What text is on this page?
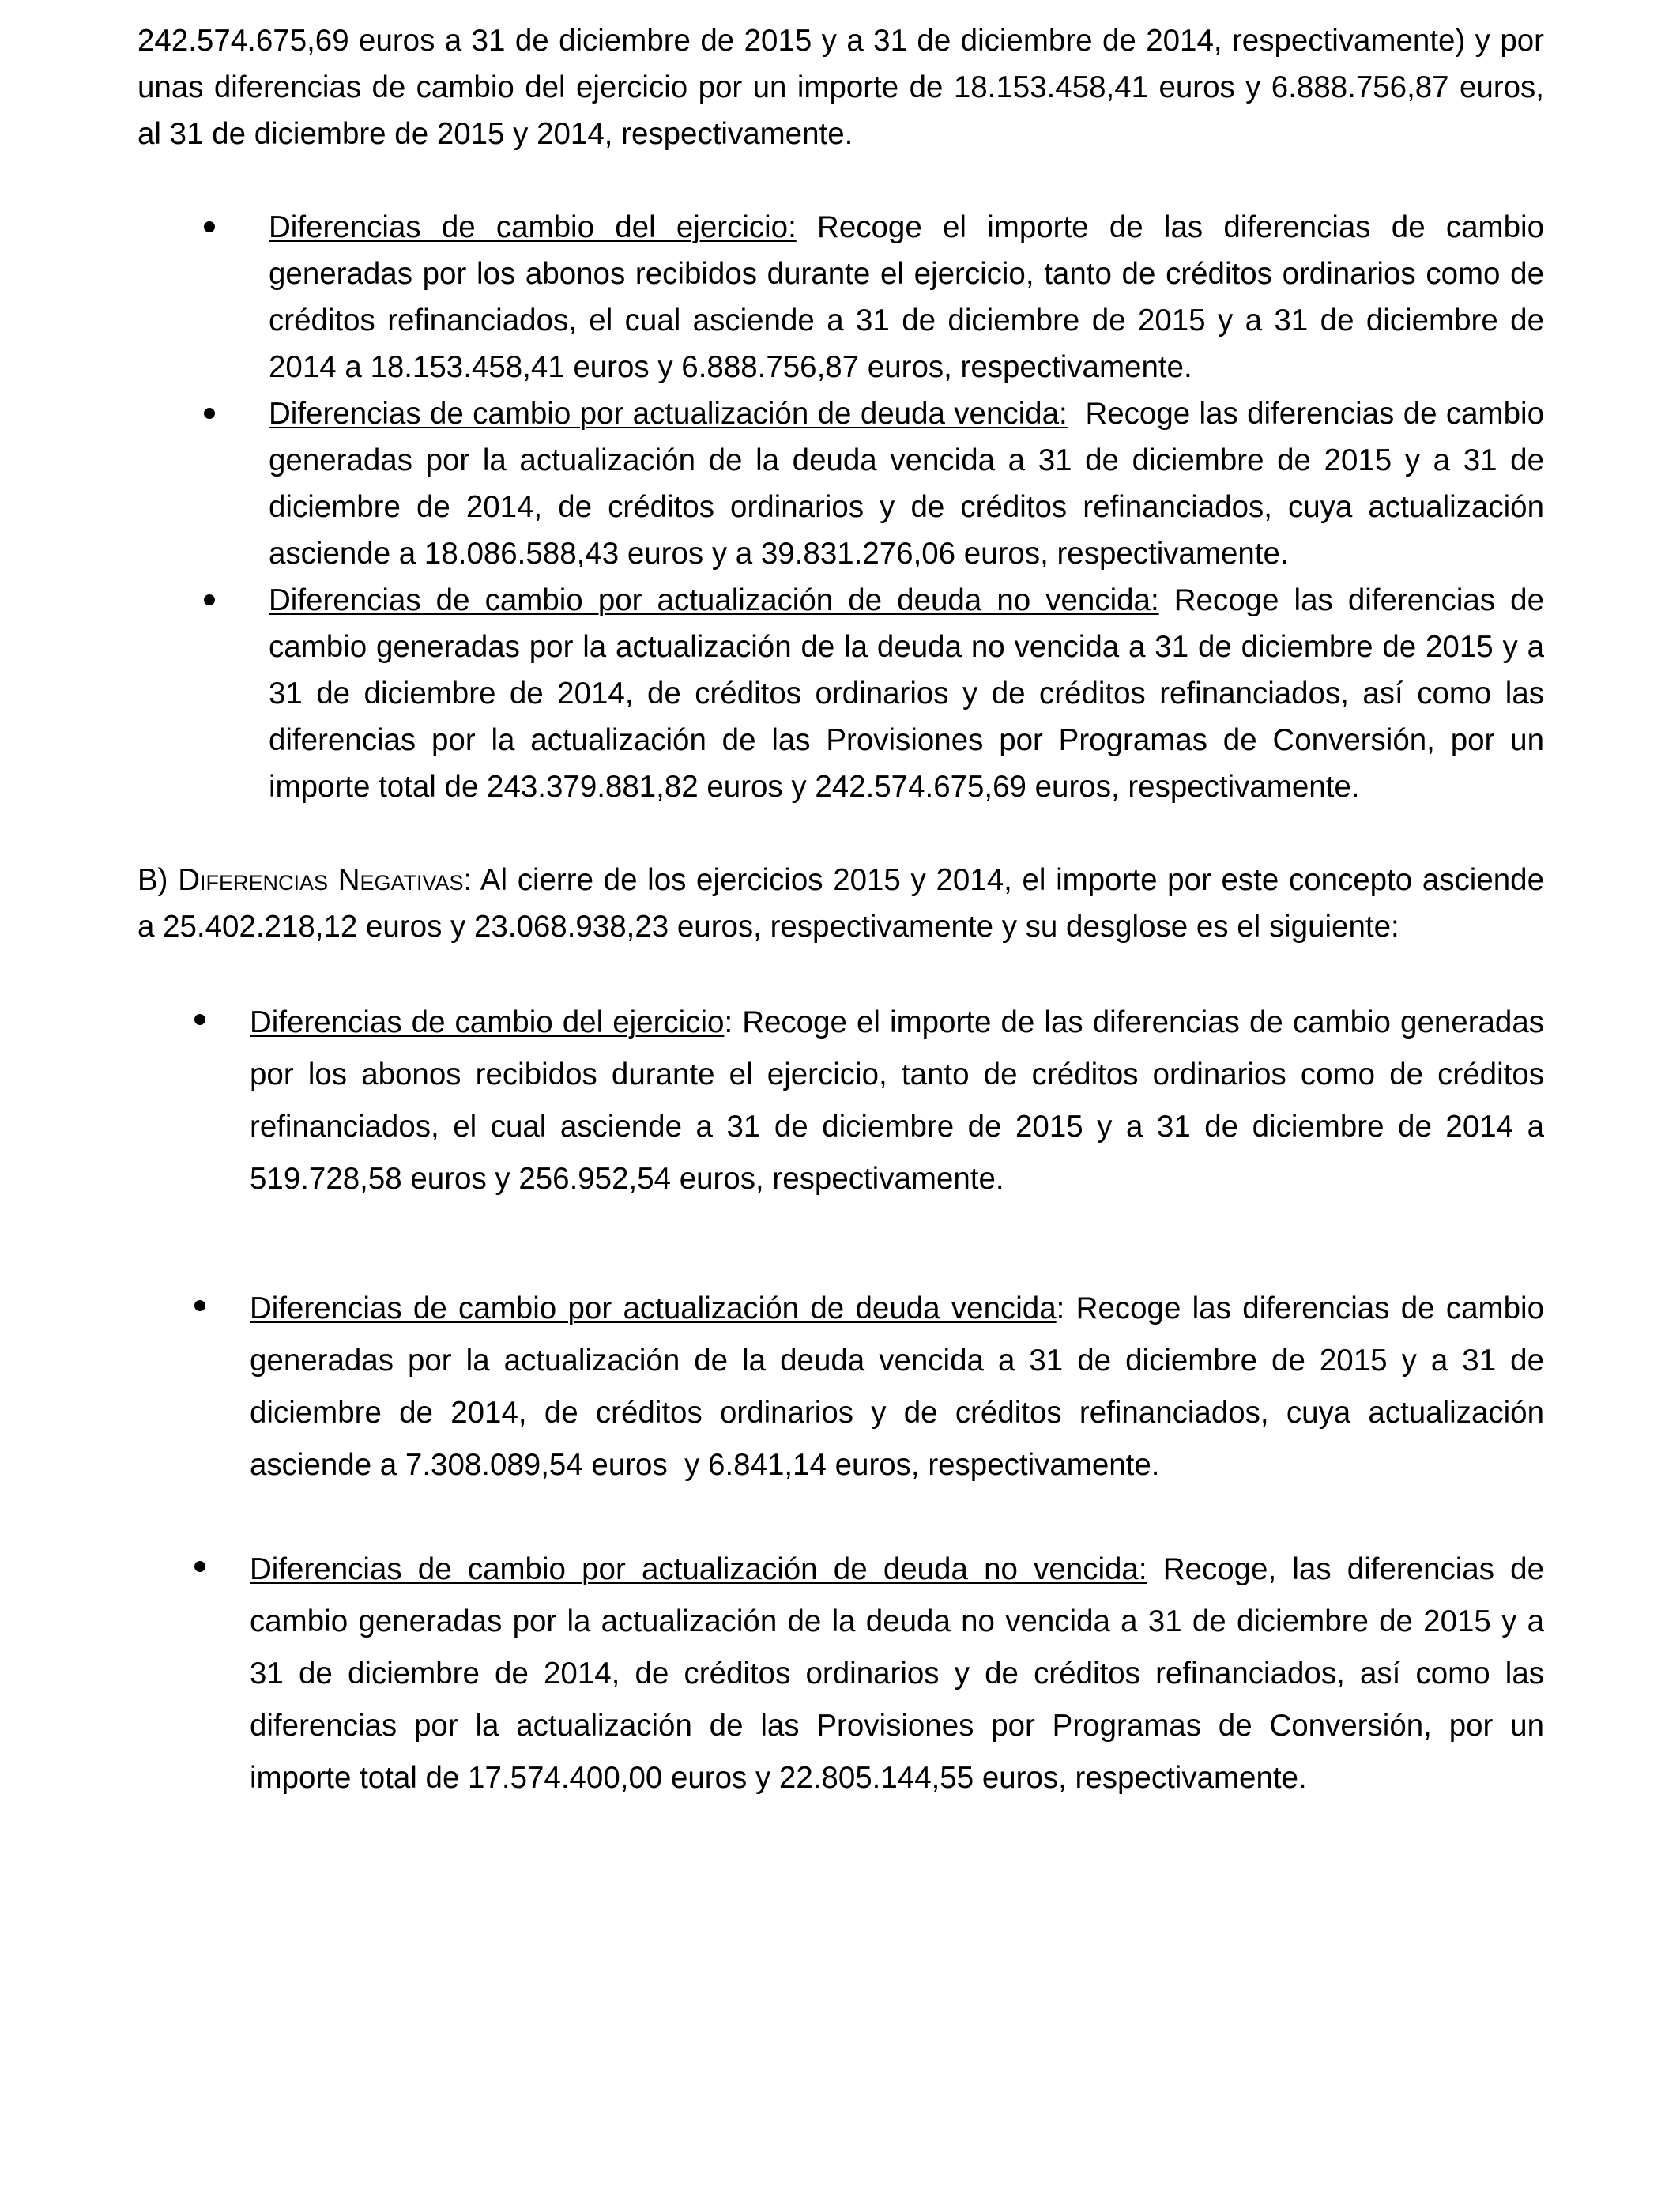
242.574.675,69 euros a 31 de diciembre de 2015 y a 31 de diciembre de 2014, respectivamente) y por unas diferencias de cambio del ejercicio por un importe de 18.153.458,41 euros y 6.888.756,87 euros, al 31 de diciembre de 2015 y 2014, respectivamente.

Diferencias de cambio del ejercicio: Recoge el importe de las diferencias de cambio generadas por los abonos recibidos durante el ejercicio, tanto de créditos ordinarios como de créditos refinanciados, el cual asciende a 31 de diciembre de 2015 y a 31 de diciembre de 2014 a 18.153.458,41 euros y 6.888.756,87 euros, respectivamente.
Diferencias de cambio por actualización de deuda vencida:  Recoge las diferencias de cambio generadas por la actualización de la deuda vencida a 31 de diciembre de 2015 y a 31 de diciembre de 2014, de créditos ordinarios y de créditos refinanciados, cuya actualización asciende a 18.086.588,43 euros y a 39.831.276,06 euros, respectivamente.
Diferencias de cambio por actualización de deuda no vencida: Recoge las diferencias de cambio generadas por la actualización de la deuda no vencida a 31 de diciembre de 2015 y a 31 de diciembre de 2014, de créditos ordinarios y de créditos refinanciados, así como las diferencias por la actualización de las Provisiones por Programas de Conversión, por un importe total de 243.379.881,82 euros y 242.574.675,69 euros, respectivamente.

B) Diferencias Negativas: Al cierre de los ejercicios 2015 y 2014, el importe por este concepto asciende a 25.402.218,12 euros y 23.068.938,23 euros, respectivamente y su desglose es el siguiente:

Diferencias de cambio del ejercicio: Recoge el importe de las diferencias de cambio generadas por los abonos recibidos durante el ejercicio, tanto de créditos ordinarios como de créditos refinanciados, el cual asciende a 31 de diciembre de 2015 y a 31 de diciembre de 2014 a 519.728,58 euros y 256.952,54 euros, respectivamente.
Diferencias de cambio por actualización de deuda vencida: Recoge las diferencias de cambio generadas por la actualización de la deuda vencida a 31 de diciembre de 2015 y a 31 de diciembre de 2014, de créditos ordinarios y de créditos refinanciados, cuya actualización asciende a 7.308.089,54 euros  y 6.841,14 euros, respectivamente.
Diferencias de cambio por actualización de deuda no vencida: Recoge, las diferencias de cambio generadas por la actualización de la deuda no vencida a 31 de diciembre de 2015 y a 31 de diciembre de 2014, de créditos ordinarios y de créditos refinanciados, así como las diferencias por la actualización de las Provisiones por Programas de Conversión, por un importe total de 17.574.400,00 euros y 22.805.144,55 euros, respectivamente.
